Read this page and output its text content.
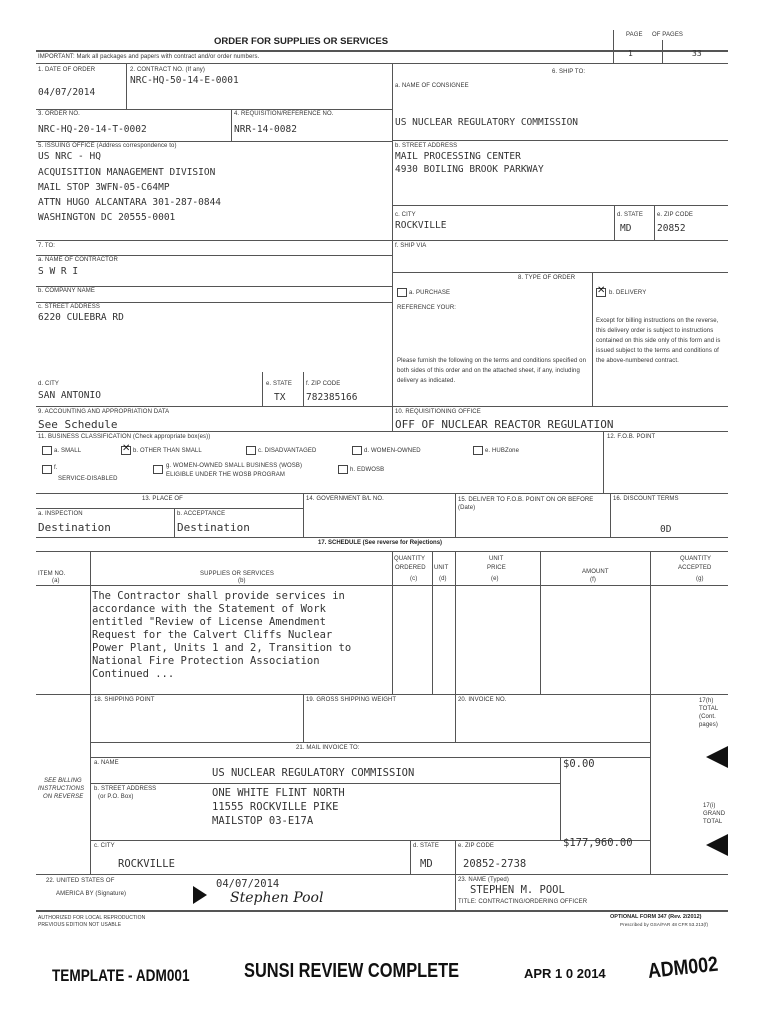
ORDER FOR SUPPLIES OR SERVICES
IMPORTANT: Mark all packages and papers with contract and/or order numbers.
PAGE OF PAGES
1	33
1. DATE OF ORDER
04/07/2014
2. CONTRACT NO. (If any)
NRC-HQ-50-14-E-0001
3. ORDER NO.
NRC-HQ-20-14-T-0002
4. REQUISITION/REFERENCE NO.
NRR-14-0082
5. ISSUING OFFICE (Address correspondence to)
US NRC - HQ
ACQUISITION MANAGEMENT DIVISION
MAIL STOP 3WFN-05-C64MP
ATTN HUGO ALCANTARA 301-287-0844
WASHINGTON DC 20555-0001
6. SHIP TO:
a. NAME OF CONSIGNEE
US NUCLEAR REGULATORY COMMISSION
b. STREET ADDRESS
MAIL PROCESSING CENTER
4930 BOILING BROOK PARKWAY
c. CITY
ROCKVILLE
d. STATE
MD
e. ZIP CODE
20852
f. SHIP VIA
7. TO:
a. NAME OF CONTRACTOR
S W R I
b. COMPANY NAME
c. STREET ADDRESS
6220 CULEBRA RD
d. CITY
SAN ANTONIO
e. STATE
TX
f. ZIP CODE
782385166
8. TYPE OF ORDER
a. PURCHASE
REFERENCE YOUR:
Please furnish the following on the terms and conditions specified on both sides of this order and on the attached sheet, if any, including delivery as indicated.
✕ b. DELIVERY
Except for billing instructions on the reverse, this delivery order is subject to instructions contained on this side only of this form and is issued subject to the terms and conditions of the above-numbered contract.
9. ACCOUNTING AND APPROPRIATION DATA
See Schedule
10. REQUISITIONING OFFICE
OFF OF NUCLEAR REACTOR REGULATION
11. BUSINESS CLASSIFICATION (Check appropriate box(es))
a. SMALL	✕ b. OTHER THAN SMALL	c. DISADVANTAGED	d. WOMEN-OWNED	e. HUBZone
f.
SERVICE-DISABLED
g. WOMEN-OWNED SMALL BUSINESS (WOSB)
ELIGIBLE UNDER THE WOSB PROGRAM
h. EDWOSB
12. F.O.B. POINT
13. PLACE OF
a. INSPECTION
Destination
b. ACCEPTANCE
Destination
14. GOVERNMENT B/L NO.	15. DELIVER TO F.O.B. POINT ON OR BEFORE (Date)
16. DISCOUNT TERMS
0D
17. SCHEDULE (See reverse for Rejections)
ITEM NO.
(a)
SUPPLIES OR SERVICES
(b)
QUANTITY
ORDERED
(c)
UNIT
(d)
UNIT
PRICE
(e)
AMOUNT
(f)
QUANTITY
ACCEPTED
(g)
The Contractor shall provide services in
accordance with the Statement of Work
entitled "Review of License Amendment
Request for the Calvert Cliffs Nuclear
Power Plant, Units 1 and 2, Transition to
National Fire Protection Association
Continued ...
18. SHIPPING POINT	19. GROSS SHIPPING WEIGHT	20. INVOICE NO.
21. MAIL INVOICE TO:
SEE BILLING
INSTRUCTIONS
ON REVERSE
a. NAME
US NUCLEAR REGULATORY COMMISSION
b. STREET ADDRESS
(or P.O. Box)	ONE WHITE FLINT NORTH
11555 ROCKVILLE PIKE
MAILSTOP 03-E17A
c. CITY
ROCKVILLE
d. STATE
MD
e. ZIP CODE
20852-2738
$0.00
$177,960.00
17(h)
TOTAL
(Cont.
pages)
17(i)
GRAND
TOTAL
22. UNITED STATES OF
AMERICA BY (Signature)
04/07/2014
Stephen Pool
23. NAME (Typed)
STEPHEN M. POOL
TITLE: CONTRACTING/ORDERING OFFICER
AUTHORIZED FOR LOCAL REPRODUCTION
PREVIOUS EDITION NOT USABLE
OPTIONAL FORM 347 (Rev. 2/2012)
Prescribed by GSA/FAR 48 CFR 53.213(f)
TEMPLATE - ADM001	SUNSI REVIEW COMPLETE	APR 1 0 2014 ADM002
